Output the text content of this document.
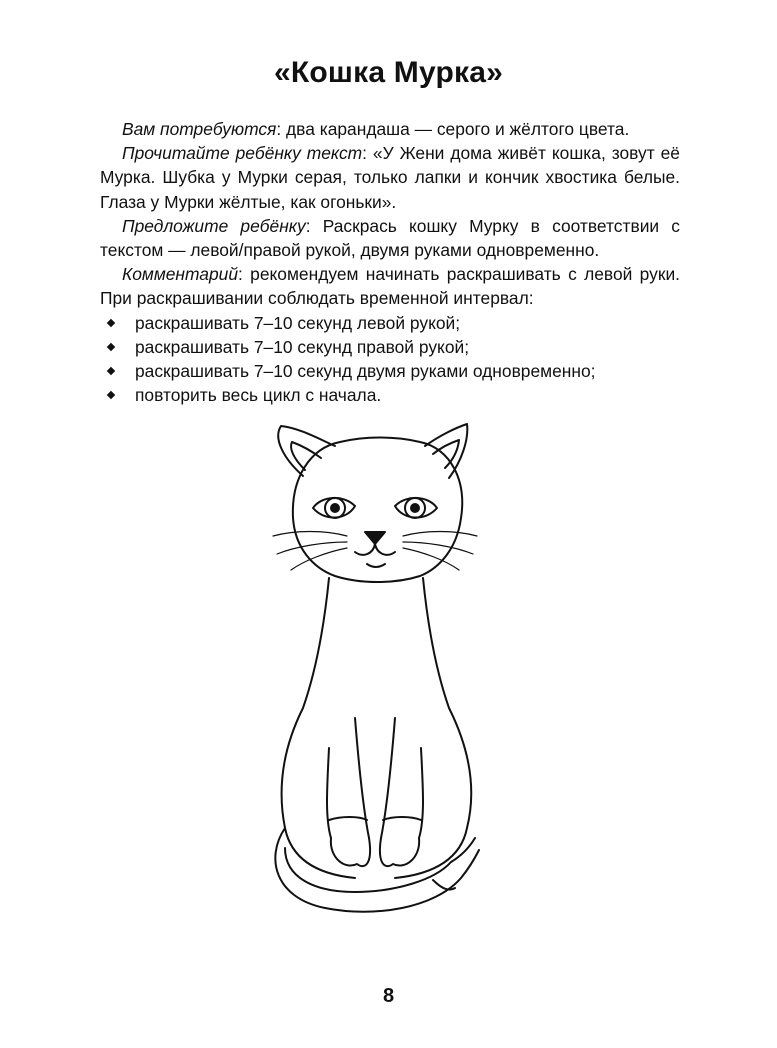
«Кошка Мурка»

Вам потребуются: два карандаша — серого и жёлтого цвета.

Прочитайте ребёнку текст: «У Жени дома живёт кошка, зовут её Мурка. Шубка у Мурки серая, только лапки и кончик хвостика белые. Глаза у Мурки жёлтые, как огоньки».

Предложите ребёнку: Раскрась кошку Мурку в соответствии с текстом — левой/правой рукой, двумя руками одновременно.

Комментарий: рекомендуем начинать раскрашивать с левой руки. При раскрашивании соблюдать временной интервал:

раскрашивать 7–10 секунд левой рукой;
раскрашивать 7–10 секунд правой рукой;
раскрашивать 7–10 секунд двумя руками одновременно;
повторить весь цикл с начала.
8
